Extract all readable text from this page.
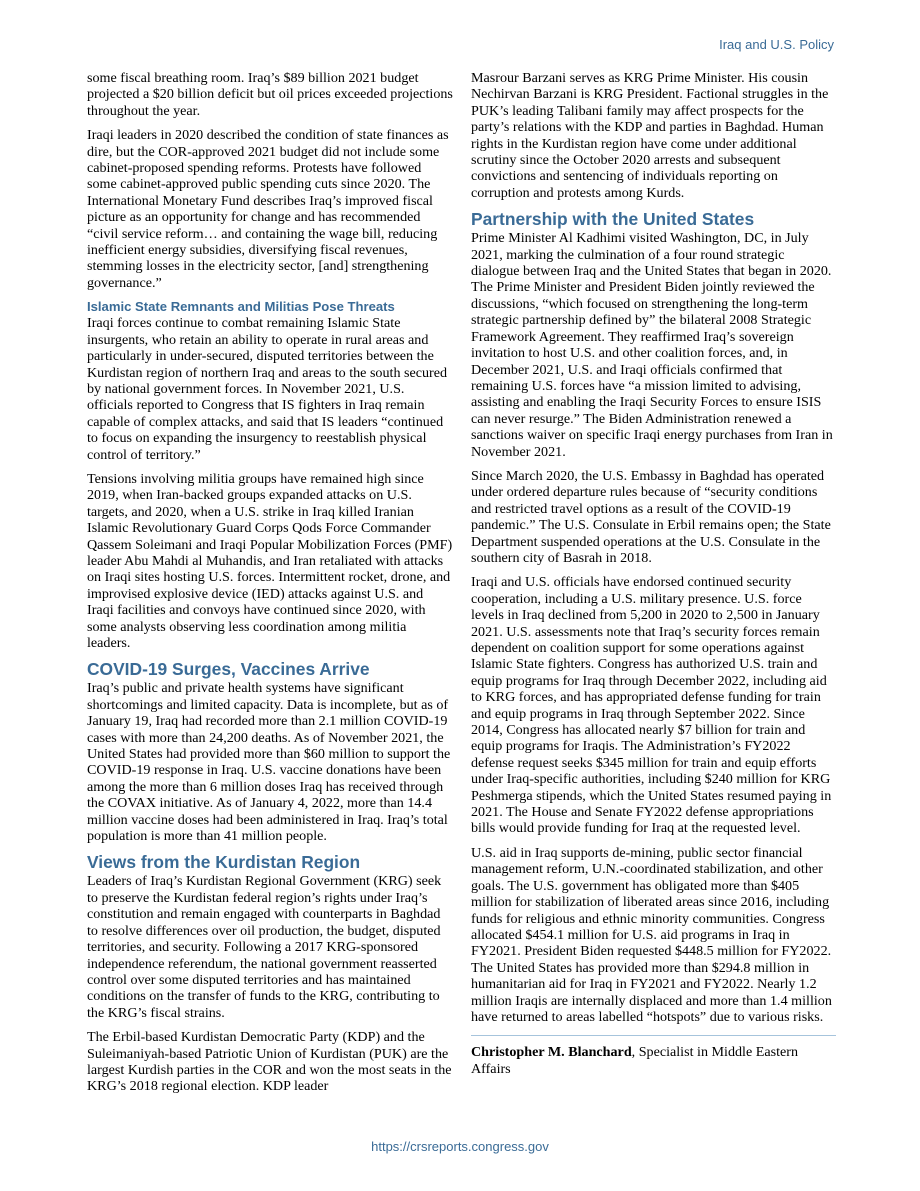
Iraq and U.S. Policy

some fiscal breathing room. Iraq’s $89 billion 2021 budget projected a $20 billion deficit but oil prices exceeded projections throughout the year.

Iraqi leaders in 2020 described the condition of state finances as dire, but the COR-approved 2021 budget did not include some cabinet-proposed spending reforms. Protests have followed some cabinet-approved public spending cuts since 2020. The International Monetary Fund describes Iraq’s improved fiscal picture as an opportunity for change and has recommended “civil service reform… and containing the wage bill, reducing inefficient energy subsidies, diversifying fiscal revenues, stemming losses in the electricity sector, [and] strengthening governance.”

Islamic State Remnants and Militias Pose Threats

Iraqi forces continue to combat remaining Islamic State insurgents, who retain an ability to operate in rural areas and particularly in under-secured, disputed territories between the Kurdistan region of northern Iraq and areas to the south secured by national government forces. In November 2021, U.S. officials reported to Congress that IS fighters in Iraq remain capable of complex attacks, and said that IS leaders “continued to focus on expanding the insurgency to reestablish physical control of territory.”

Tensions involving militia groups have remained high since 2019, when Iran-backed groups expanded attacks on U.S. targets, and 2020, when a U.S. strike in Iraq killed Iranian Islamic Revolutionary Guard Corps Qods Force Commander Qassem Soleimani and Iraqi Popular Mobilization Forces (PMF) leader Abu Mahdi al Muhandis, and Iran retaliated with attacks on Iraqi sites hosting U.S. forces. Intermittent rocket, drone, and improvised explosive device (IED) attacks against U.S. and Iraqi facilities and convoys have continued since 2020, with some analysts observing less coordination among militia leaders.

COVID-19 Surges, Vaccines Arrive

Iraq’s public and private health systems have significant shortcomings and limited capacity. Data is incomplete, but as of January 19, Iraq had recorded more than 2.1 million COVID-19 cases with more than 24,200 deaths. As of November 2021, the United States had provided more than $60 million to support the COVID-19 response in Iraq. U.S. vaccine donations have been among the more than 6 million doses Iraq has received through the COVAX initiative. As of January 4, 2022, more than 14.4 million vaccine doses had been administered in Iraq. Iraq’s total population is more than 41 million people.

Views from the Kurdistan Region

Leaders of Iraq’s Kurdistan Regional Government (KRG) seek to preserve the Kurdistan federal region’s rights under Iraq’s constitution and remain engaged with counterparts in Baghdad to resolve differences over oil production, the budget, disputed territories, and security. Following a 2017 KRG-sponsored independence referendum, the national government reasserted control over some disputed territories and has maintained conditions on the transfer of funds to the KRG, contributing to the KRG’s fiscal strains.

The Erbil-based Kurdistan Democratic Party (KDP) and the Suleimaniyah-based Patriotic Union of Kurdistan (PUK) are the largest Kurdish parties in the COR and won the most seats in the KRG’s 2018 regional election. KDP leader

Masrour Barzani serves as KRG Prime Minister. His cousin Nechirvan Barzani is KRG President. Factional struggles in the PUK’s leading Talibani family may affect prospects for the party’s relations with the KDP and parties in Baghdad. Human rights in the Kurdistan region have come under additional scrutiny since the October 2020 arrests and subsequent convictions and sentencing of individuals reporting on corruption and protests among Kurds.

Partnership with the United States

Prime Minister Al Kadhimi visited Washington, DC, in July 2021, marking the culmination of a four round strategic dialogue between Iraq and the United States that began in 2020. The Prime Minister and President Biden jointly reviewed the discussions, “which focused on strengthening the long-term strategic partnership defined by” the bilateral 2008 Strategic Framework Agreement. They reaffirmed Iraq’s sovereign invitation to host U.S. and other coalition forces, and, in December 2021, U.S. and Iraqi officials confirmed that remaining U.S. forces have “a mission limited to advising, assisting and enabling the Iraqi Security Forces to ensure ISIS can never resurge.” The Biden Administration renewed a sanctions waiver on specific Iraqi energy purchases from Iran in November 2021.

Since March 2020, the U.S. Embassy in Baghdad has operated under ordered departure rules because of “security conditions and restricted travel options as a result of the COVID-19 pandemic.” The U.S. Consulate in Erbil remains open; the State Department suspended operations at the U.S. Consulate in the southern city of Basrah in 2018.

Iraqi and U.S. officials have endorsed continued security cooperation, including a U.S. military presence. U.S. force levels in Iraq declined from 5,200 in 2020 to 2,500 in January 2021. U.S. assessments note that Iraq’s security forces remain dependent on coalition support for some operations against Islamic State fighters. Congress has authorized U.S. train and equip programs for Iraq through December 2022, including aid to KRG forces, and has appropriated defense funding for train and equip programs in Iraq through September 2022. Since 2014, Congress has allocated nearly $7 billion for train and equip programs for Iraqis. The Administration’s FY2022 defense request seeks $345 million for train and equip efforts under Iraq-specific authorities, including $240 million for KRG Peshmerga stipends, which the United States resumed paying in 2021. The House and Senate FY2022 defense appropriations bills would provide funding for Iraq at the requested level.

U.S. aid in Iraq supports de-mining, public sector financial management reform, U.N.-coordinated stabilization, and other goals. The U.S. government has obligated more than $405 million for stabilization of liberated areas since 2016, including funds for religious and ethnic minority communities. Congress allocated $454.1 million for U.S. aid programs in Iraq in FY2021. President Biden requested $448.5 million for FY2022. The United States has provided more than $294.8 million in humanitarian aid for Iraq in FY2021 and FY2022. Nearly 1.2 million Iraqis are internally displaced and more than 1.4 million have returned to areas labelled “hotspots” due to various risks.

Christopher M. Blanchard, Specialist in Middle Eastern Affairs

https://crsreports.congress.gov
